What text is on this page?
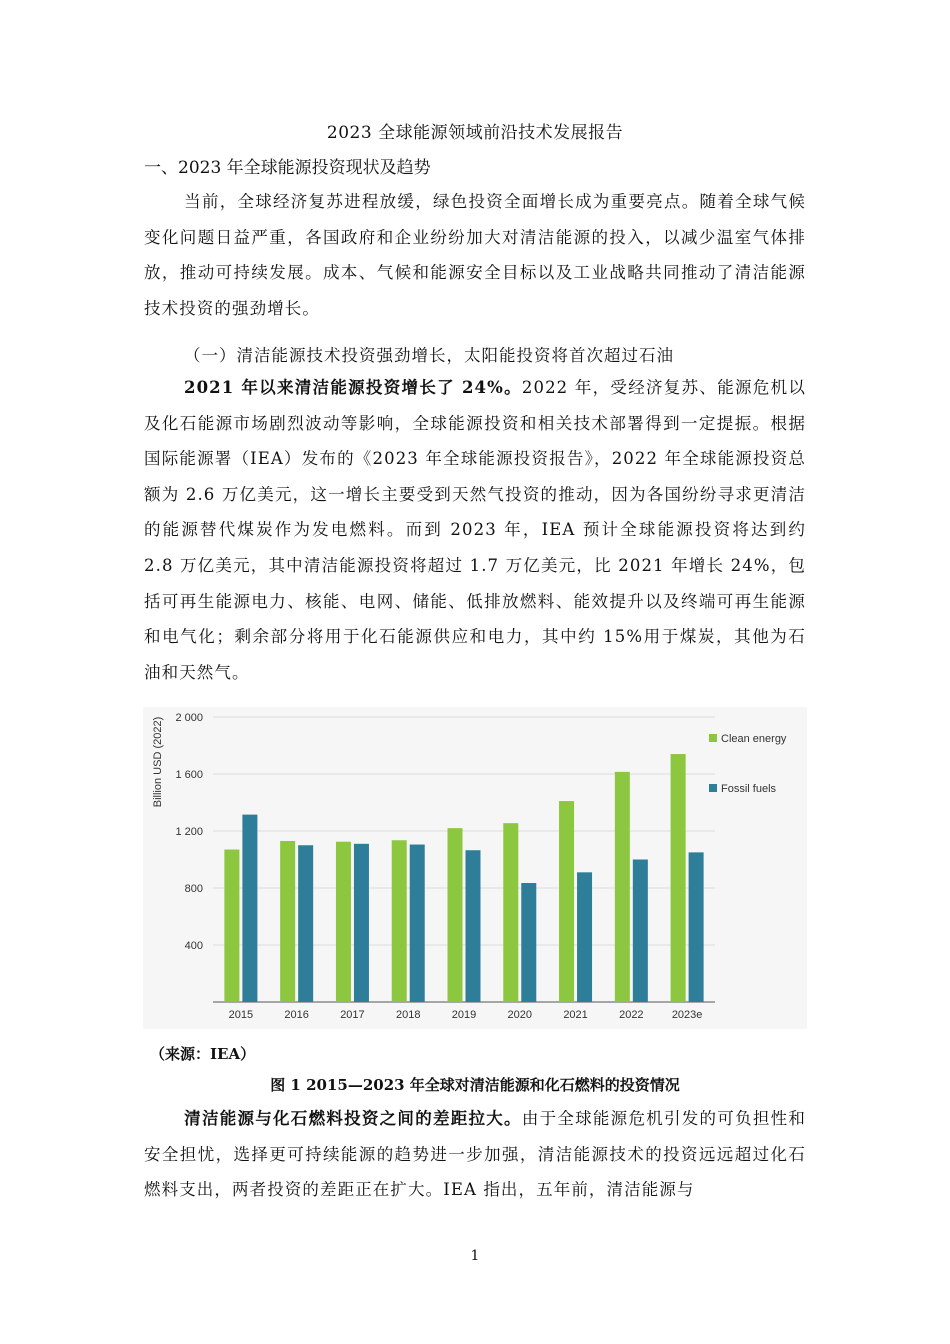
2023 全球能源领域前沿技术发展报告
一、2023 年全球能源投资现状及趋势
当前，全球经济复苏进程放缓，绿色投资全面增长成为重要亮点。随着全球气候变化问题日益严重，各国政府和企业纷纷加大对清洁能源的投入，以减少温室气体排放，推动可持续发展。成本、气候和能源安全目标以及工业战略共同推动了清洁能源技术投资的强劲增长。
（一）清洁能源技术投资强劲增长，太阳能投资将首次超过石油
2021 年以来清洁能源投资增长了 24%。2022 年，受经济复苏、能源危机以及化石能源市场剧烈波动等影响，全球能源投资和相关技术部署得到一定提振。根据国际能源署（IEA）发布的《2023 年全球能源投资报告》，2022 年全球能源投资总额为 2.6 万亿美元，这一增长主要受到天然气投资的推动，因为各国纷纷寻求更清洁的能源替代煤炭作为发电燃料。而到 2023 年，IEA 预计全球能源投资将达到约 2.8 万亿美元，其中清洁能源投资将超过 1.7 万亿美元，比 2021 年增长 24%，包括可再生能源电力、核能、电网、储能、低排放燃料、能效提升以及终端可再生能源和电气化；剩余部分将用于化石能源供应和电力，其中约 15%用于煤炭，其他为石油和天然气。
400
800
1 200
1 600
2 000
Billion USD (2022)
2015	2016	2017	2018	2019	2020	2021	2022	2023e
Clean energy
Fossil fuels
（来源：IEA）
图 1 2015—2023 年全球对清洁能源和化石燃料的投资情况
清洁能源与化石燃料投资之间的差距拉大。由于全球能源危机引发的可负担性和安全担忧，选择更可持续能源的趋势进一步加强，清洁能源技术的投资远远超过化石燃料支出，两者投资的差距正在扩大。IEA 指出，五年前，清洁能源与
1
